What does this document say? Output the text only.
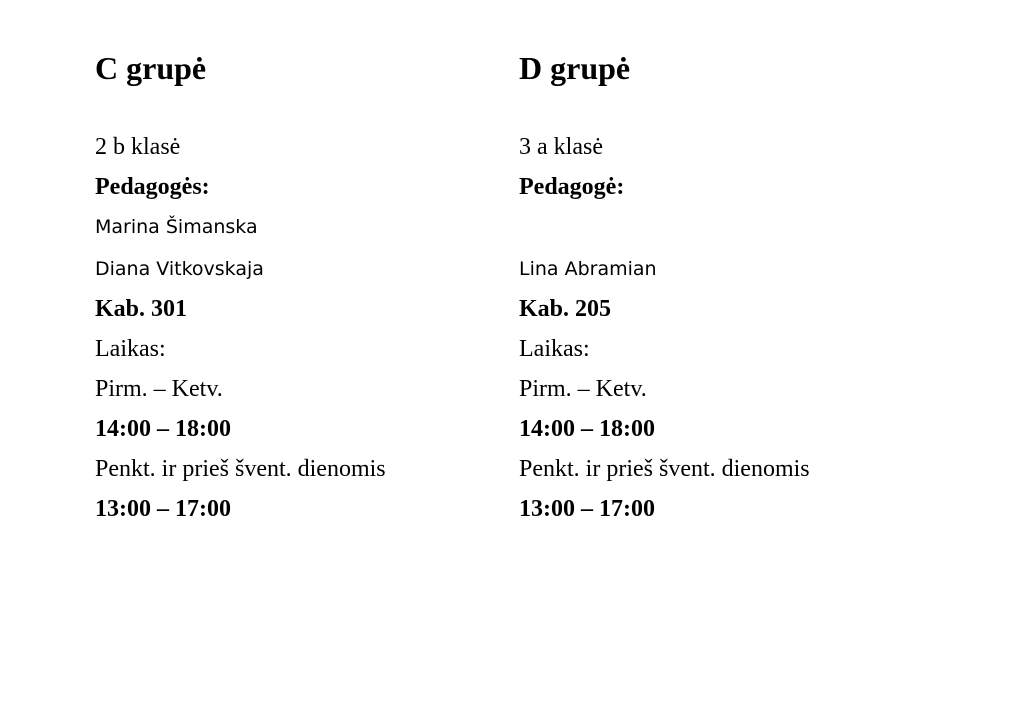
C grupė
2 b klasė
Pedagogės:
Marina Šimanska
Diana Vitkovskaja
Kab. 301
Laikas:
Pirm. – Ketv.
14:00 – 18:00
Penkt. ir prieš švent. dienomis
13:00 – 17:00
D grupė
3 a klasė
Pedagogė:
Lina Abramian
Kab. 205
Laikas:
Pirm. – Ketv.
14:00 – 18:00
Penkt. ir prieš švent. dienomis
13:00 – 17:00
